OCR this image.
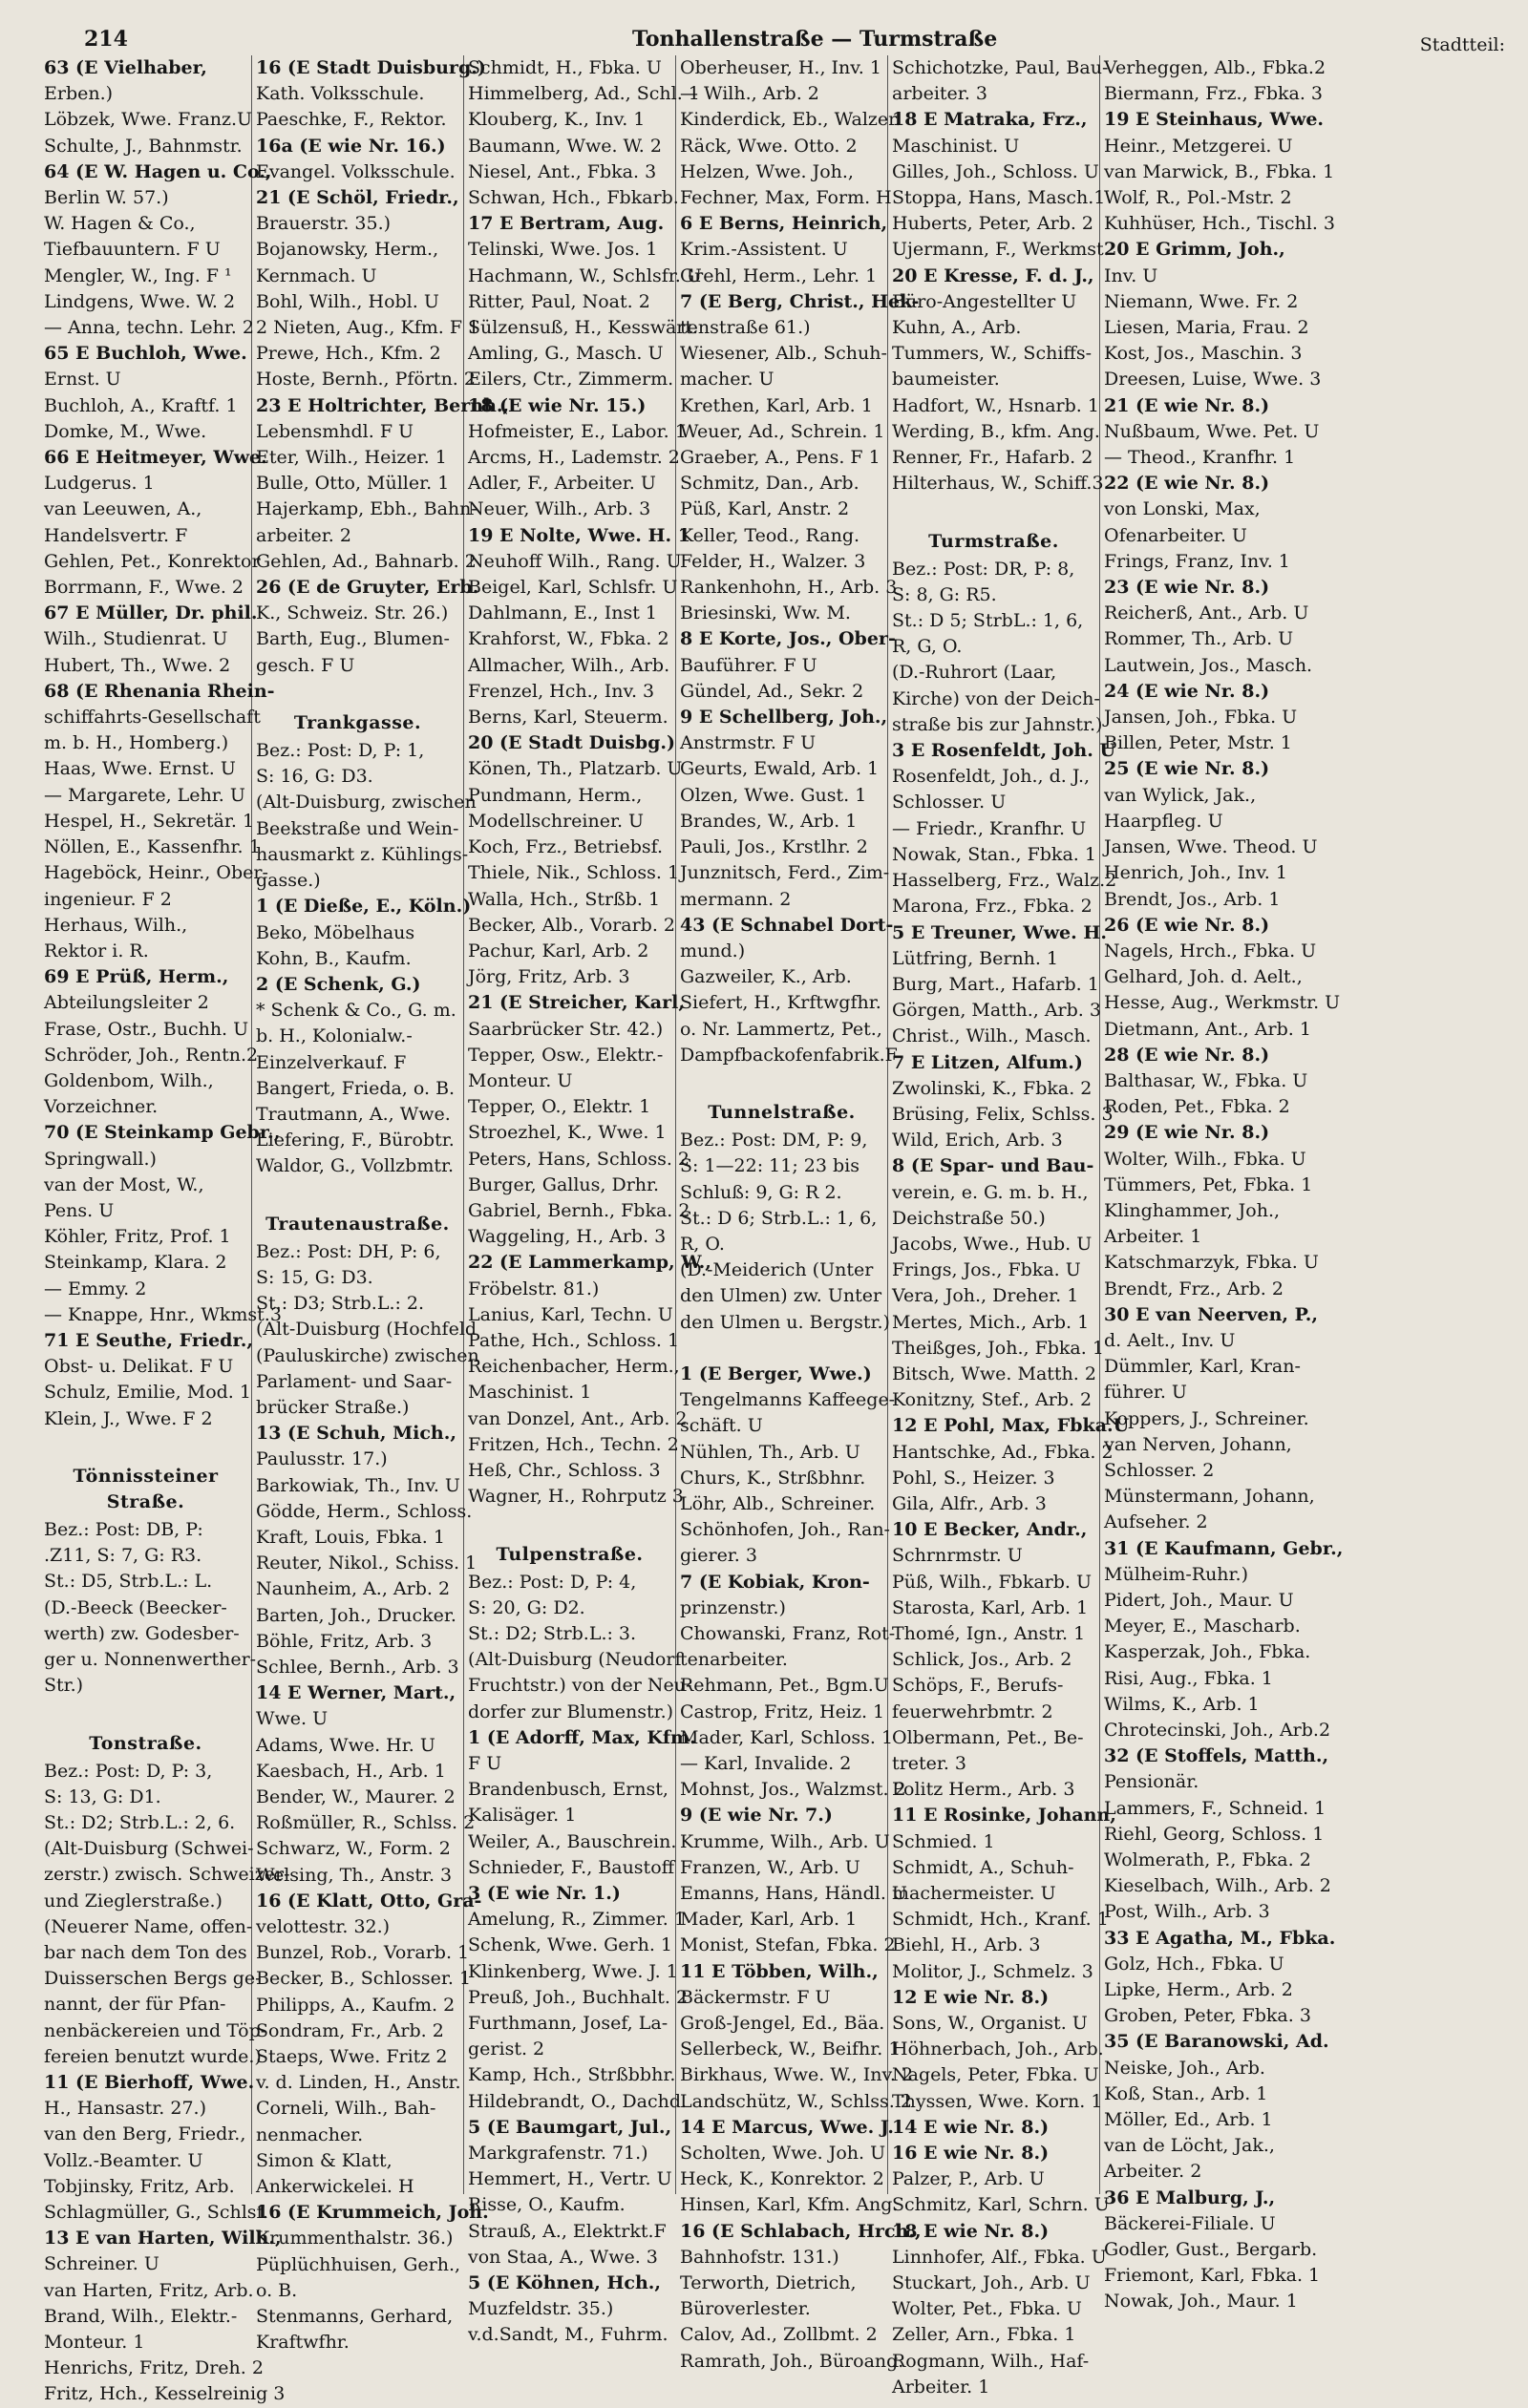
214	Tonhallenstraße — Turmstraße	Stadtteil:

63 (E Vielhaber,

Erben.)

Löbzek, Wwe. Franz.U

Schulte, J., Bahnmstr.

64 (E W. Hagen u. Co.,

Berlin W. 57.)

W. Hagen & Co.,

Tiefbauuntern. F U

Mengler, W., Ing. F ¹

Lindgens, Wwe. W. 2

— Anna, techn. Lehr. 2

65 E Buchloh, Wwe.

Ernst. U

Buchloh, A., Kraftf. 1

Domke, M., Wwe.

66 E Heitmeyer, Wwe.

Ludgerus. 1

van Leeuwen, A.,

Handelsvertr. F

Gehlen, Pet., Konrektor

Borrmann, F., Wwe. 2

67 E Müller, Dr. phil.

Wilh., Studienrat. U

Hubert, Th., Wwe. 2

68 (E Rhenania Rhein-

schiffahrts-Gesellschaft

m. b. H., Homberg.)

Haas, Wwe. Ernst. U

— Margarete, Lehr. U

Hespel, H., Sekretär. 1

Nöllen, E., Kassenfhr. 1

Hageböck, Heinr., Ober-

ingenieur. F 2

Herhaus, Wilh.,

Rektor i. R.

69 E Prüß, Herm.,

Abteilungsleiter 2

Frase, Ostr., Buchh. U

Schröder, Joh., Rentn.2

Goldenbom, Wilh.,

Vorzeichner.

70 (E Steinkamp Gebr.,

Springwall.)

van der Most, W.,

Pens. U

Köhler, Fritz, Prof. 1

Steinkamp, Klara. 2

— Emmy. 2

— Knappe, Hnr., Wkmst.3

71 E Seuthe, Friedr.,

Obst- u. Delikat. F U

Schulz, Emilie, Mod. 1

Klein, J., Wwe. F 2

Tönnissteiner Straße.

Bez.: Post: DB, P:

.Z11, S: 7, G: R3.

St.: D5, Strb.L.: L.

(D.-Beeck (Beecker-

werth) zw. Godesber-

ger u. Nonnenwerther-

Str.)

Tonstraße.

Bez.: Post: D, P: 3,

S: 13, G: D1.

St.: D2; Strb.L.: 2, 6.

(Alt-Duisburg (Schwei-

zerstr.) zwisch. Schweizer-

und Zieglerstraße.)

(Neuerer Name, offen-

bar nach dem Ton des

Duisserschen Bergs ge-

nannt, der für Pfan-

nenbäckereien und Töp-

fereien benutzt wurde.)

11 (E Bierhoff, Wwe.

H., Hansastr. 27.)

van den Berg, Friedr.,

Vollz.-Beamter. U

Tobjinsky, Fritz, Arb.

Schlagmüller, G., Schlsf.

13 E van Harten, Wilh.,

Schreiner. U

van Harten, Fritz, Arb.

Brand, Wilh., Elektr.-

Monteur. 1

Henrichs, Fritz, Dreh. 2

Fritz, Hch., Kesselreinig 3

16 (E Stadt Duisburg.)

Kath. Volksschule.

Paeschke, F., Rektor.

16a (E wie Nr. 16.)

Evangel. Volksschule.

21 (E Schöl, Friedr.,

Brauerstr. 35.)

Bojanowsky, Herm.,

Kernmach. U

Bohl, Wilh., Hobl. U

2 Nieten, Aug., Kfm. F 1

Prewe, Hch., Kfm. 2

Hoste, Bernh., Pförtn. 2

23 E Holtrichter, Bernh.,

Lebensmhdl. F U

Eter, Wilh., Heizer. 1

Bulle, Otto, Müller. 1

Hajerkamp, Ebh., Bahn-

arbeiter. 2

Gehlen, Ad., Bahnarb. 2

26 (E de Gruyter, Erb.

K., Schweiz. Str. 26.)

Barth, Eug., Blumen-

gesch. F U

Trankgasse.

Bez.: Post: D, P: 1,

S: 16, G: D3.

(Alt-Duisburg, zwischen

Beekstraße und Wein-

hausmarkt z. Kühlings-

gasse.)

1 (E Dieße, E., Köln.)

Beko, Möbelhaus

Kohn, B., Kaufm.

2 (E Schenk, G.)

* Schenk & Co., G. m.

b. H., Kolonialw.-

Einzelverkauf. F

Bangert, Frieda, o. B.

Trautmann, A., Wwe.

Liefering, F., Bürobtr.

Waldor, G., Vollzbmtr.

Trautenaustraße.

Bez.: Post: DH, P: 6,

S: 15, G: D3.

St.: D3; Strb.L.: 2.

(Alt-Duisburg (Hochfeld

(Pauluskirche) zwischen

Parlament- und Saar-

brücker Straße.)

13 (E Schuh, Mich.,

Paulusstr. 17.)

Barkowiak, Th., Inv. U

Gödde, Herm., Schloss.

Kraft, Louis, Fbka. 1

Reuter, Nikol., Schiss. 1

Naunheim, A., Arb. 2

Barten, Joh., Drucker.

Böhle, Fritz, Arb. 3

Schlee, Bernh., Arb. 3

14 E Werner, Mart.,

Wwe. U

Adams, Wwe. Hr. U

Kaesbach, H., Arb. 1

Bender, W., Maurer. 2

Roßmüller, R., Schlss. 2

Schwarz, W., Form. 2

Welsing, Th., Anstr. 3

16 (E Klatt, Otto, Gra-

velottestr. 32.)

Bunzel, Rob., Vorarb. 1

Becker, B., Schlosser. 1

Philipps, A., Kaufm. 2

Sondram, Fr., Arb. 2

Staeps, Wwe. Fritz 2

v. d. Linden, H., Anstr.

Corneli, Wilh., Bah-

nenmacher.

Simon & Klatt,

Ankerwickelei. H

16 (E Krummeich, Joh.

Krummenthalstr. 36.)

Püplüchhuisen, Gerh.,

o. B.

Stenmanns, Gerhard,

Kraftwfhr.

Schmidt, H., Fbka. U

Himmelberg, Ad., Schl. 1

Klouberg, K., Inv. 1

Baumann, Wwe. W. 2

Niesel, Ant., Fbka. 3

Schwan, Hch., Fbkarb.

17 E Bertram, Aug.

Telinski, Wwe. Jos. 1

Hachmann, W., Schlsfr. U

Ritter, Paul, Noat. 2

Sülzensuß, H., Kesswärt.

Amling, G., Masch. U

Eilers, Ctr., Zimmerm.

18 (E wie Nr. 15.)

Hofmeister, E., Labor. 1

Arcms, H., Lademstr. 2

Adler, F., Arbeiter. U

Neuer, Wilh., Arb. 3

19 E Nolte, Wwe. H. 1

Neuhoff Wilh., Rang. U

Beigel, Karl, Schlsfr. U

Dahlmann, E., Inst 1

Krahforst, W., Fbka. 2

Allmacher, Wilh., Arb.

Frenzel, Hch., Inv. 3

Berns, Karl, Steuerm.

20 (E Stadt Duisbg.)

Könen, Th., Platzarb. U

Pundmann, Herm.,

Modellschreiner. U

Koch, Frz., Betriebsf.

Thiele, Nik., Schloss. 1

Walla, Hch., Strßb. 1

Becker, Alb., Vorarb. 2

Pachur, Karl, Arb. 2

Jörg, Fritz, Arb. 3

21 (E Streicher, Karl,

Saarbrücker Str. 42.)

Tepper, Osw., Elektr.-

Monteur. U

Tepper, O., Elektr. 1

Stroezhel, K., Wwe. 1

Peters, Hans, Schloss. 2

Burger, Gallus, Drhr.

Gabriel, Bernh., Fbka. 2

Waggeling, H., Arb. 3

22 (E Lammerkamp, W.,

Fröbelstr. 81.)

Lanius, Karl, Techn. U

Pathe, Hch., Schloss. 1

Reichenbacher, Herm.,

Maschinist. 1

van Donzel, Ant., Arb. 2

Fritzen, Hch., Techn. 2

Heß, Chr., Schloss. 3

Wagner, H., Rohrputz 3

Tulpenstraße.

Bez.: Post: D, P: 4,

S: 20, G: D2.

St.: D2; Strb.L.: 3.

(Alt-Duisburg (Neudorf

Fruchtstr.) von der Neu-

dorfer zur Blumenstr.)

1 (E Adorff, Max, Kfm.

F U

Brandenbusch, Ernst,

Kalisäger. 1

Weiler, A., Bauschrein.

Schnieder, F., Baustoff

3 (E wie Nr. 1.)

Amelung, R., Zimmer. 1

Schenk, Wwe. Gerh. 1

Klinkenberg, Wwe. J. 1

Preuß, Joh., Buchhalt. 2

Furthmann, Josef, La-

gerist. 2

Kamp, Hch., Strßbbhr.

Hildebrandt, O., Dachd.

5 (E Baumgart, Jul.,

Markgrafenstr. 71.)

Hemmert, H., Vertr. U

Risse, O., Kaufm.

Strauß, A., Elektrkt.F

von Staa, A., Wwe. 3

5 (E Köhnen, Hch.,

Muzfeldstr. 35.)

v.d.Sandt, M., Fuhrm.

Oberheuser, H., Inv. 1

— Wilh., Arb. 2

Kinderdick, Eb., Walzer.

Räck, Wwe. Otto. 2

Helzen, Wwe. Joh.,

Fechner, Max, Form. H

6 E Berns, Heinrich,

Krim.-Assistent. U

Grehl, Herm., Lehr. 1

7 (E Berg, Christ., Hek-

tenstraße 61.)

Wiesener, Alb., Schuh-

macher. U

Krethen, Karl, Arb. 1

Weuer, Ad., Schrein. 1

Graeber, A., Pens. F 1

Schmitz, Dan., Arb.

Püß, Karl, Anstr. 2

Keller, Teod., Rang.

Felder, H., Walzer. 3

Rankenhohn, H., Arb. 3

Briesinski, Ww. M.

8 E Korte, Jos., Ober-

Bauführer. F U

Gündel, Ad., Sekr. 2

9 E Schellberg, Joh.,

Anstrmstr. F U

Geurts, Ewald, Arb. 1

Olzen, Wwe. Gust. 1

Brandes, W., Arb. 1

Pauli, Jos., Krstlhr. 2

Junznitsch, Ferd., Zim-

mermann. 2

43 (E Schnabel Dort-

mund.)

Gazweiler, K., Arb.

Siefert, H., Krftwgfhr.

o. Nr. Lammertz, Pet.,

Dampfbackofenfabrik.F

Tunnelstraße.

Bez.: Post: DM, P: 9,

S: 1—22: 11; 23 bis

Schluß: 9, G: R 2.

St.: D 6; Strb.L.: 1, 6,

R, O.

(D.-Meiderich (Unter

den Ulmen) zw. Unter

den Ulmen u. Bergstr.)

1 (E Berger, Wwe.)

Tengelmanns Kaffeege-

schäft. U

Nühlen, Th., Arb. U

Churs, K., Strßbhnr.

Löhr, Alb., Schreiner.

Schönhofen, Joh., Ran-

gierer. 3

7 (E Kobiak, Kron-

prinzenstr.)

Chowanski, Franz, Rot-

tenarbeiter.

Rehmann, Pet., Bgm.U

Castrop, Fritz, Heiz. 1

Mader, Karl, Schloss. 1

— Karl, Invalide. 2

Mohnst, Jos., Walzmst. 2

9 (E wie Nr. 7.)

Krumme, Wilh., Arb. U

Franzen, W., Arb. U

Emanns, Hans, Händl. U

Mader, Karl, Arb. 1

Monist, Stefan, Fbka. 2

11 E Többen, Wilh.,

Bäckermstr. F U

Groß-Jengel, Ed., Bäa.

Sellerbeck, W., Beifhr. 1

Birkhaus, Wwe. W., Inv. 2

Landschütz, W., Schlss. 2

14 E Marcus, Wwe. J.

Scholten, Wwe. Joh. U

Heck, K., Konrektor. 2

Hinsen, Karl, Kfm. Ang.

16 (E Schlabach, Hrch.,

Bahnhofstr. 131.)

Terworth, Dietrich,

Büroverlester.

Calov, Ad., Zollbmt. 2

Ramrath, Joh., Büroang.

Schichotzke, Paul, Bau-

arbeiter. 3

18 E Matraka, Frz.,

Maschinist. U

Gilles, Joh., Schloss. U

Stoppa, Hans, Masch.1

Huberts, Peter, Arb. 2

Ujermann, F., Werkmst.

20 E Kresse, F. d. J.,

Büro-Angestellter U

Kuhn, A., Arb.

Tummers, W., Schiffs-

baumeister.

Hadfort, W., Hsnarb. 1

Werding, B., kfm. Ang.

Renner, Fr., Hafarb. 2

Hilterhaus, W., Schiff.3

Turmstraße.

Bez.: Post: DR, P: 8,

S: 8, G: R5.

St.: D 5; StrbL.: 1, 6,

R, G, O.

(D.-Ruhrort (Laar,

Kirche) von der Deich-

straße bis zur Jahnstr.)

3 E Rosenfeldt, Joh. U

Rosenfeldt, Joh., d. J.,

Schlosser. U

— Friedr., Kranfhr. U

Nowak, Stan., Fbka. 1

Hasselberg, Frz., Walz.2

Marona, Frz., Fbka. 2

5 E Treuner, Wwe. H.

Lütfring, Bernh. 1

Burg, Mart., Hafarb. 1

Görgen, Matth., Arb. 3

Christ., Wilh., Masch.

7 E Litzen, Alfum.)

Zwolinski, K., Fbka. 2

Brüsing, Felix, Schlss. 3

Wild, Erich, Arb. 3

8 (E Spar- und Bau-

verein, e. G. m. b. H.,

Deichstraße 50.)

Jacobs, Wwe., Hub. U

Frings, Jos., Fbka. U

Vera, Joh., Dreher. 1

Mertes, Mich., Arb. 1

Theißges, Joh., Fbka. 1

Bitsch, Wwe. Matth. 2

Konitzny, Stef., Arb. 2

12 E Pohl, Max, Fbka.U

Hantschke, Ad., Fbka. 2

Pohl, S., Heizer. 3

Gila, Alfr., Arb. 3

10 E Becker, Andr.,

Schrnrmstr. U

Püß, Wilh., Fbkarb. U

Starosta, Karl, Arb. 1

Thomé, Ign., Anstr. 1

Schlick, Jos., Arb. 2

Schöps, F., Berufs-

feuerwehrbmtr. 2

Olbermann, Pet., Be-

treter. 3

Politz Herm., Arb. 3

11 E Rosinke, Johann,

Schmied. 1

Schmidt, A., Schuh-

machermeister. U

Schmidt, Hch., Kranf. 1

Biehl, H., Arb. 3

Molitor, J., Schmelz. 3

12 E wie Nr. 8.)

Sons, W., Organist. U

Höhnerbach, Joh., Arb.

Nagels, Peter, Fbka. U

Thyssen, Wwe. Korn. 1

14 E wie Nr. 8.)

16 E wie Nr. 8.)

Palzer, P., Arb. U

Schmitz, Karl, Schrn. U

18 E wie Nr. 8.)

Linnhofer, Alf., Fbka. U

Stuckart, Joh., Arb. U

Wolter, Pet., Fbka. U

Zeller, Arn., Fbka. 1

Rogmann, Wilh., Haf-

Arbeiter. 1

Verheggen, Alb., Fbka.2

Biermann, Frz., Fbka. 3

19 E Steinhaus, Wwe.

Heinr., Metzgerei. U

van Marwick, B., Fbka. 1

Wolf, R., Pol.-Mstr. 2

Kuhhüser, Hch., Tischl. 3

20 E Grimm, Joh.,

Inv. U

Niemann, Wwe. Fr. 2

Liesen, Maria, Frau. 2

Kost, Jos., Maschin. 3

Dreesen, Luise, Wwe. 3

21 (E wie Nr. 8.)

Nußbaum, Wwe. Pet. U

— Theod., Kranfhr. 1

22 (E wie Nr. 8.)

von Lonski, Max,

Ofenarbeiter. U

Frings, Franz, Inv. 1

23 (E wie Nr. 8.)

Reicherß, Ant., Arb. U

Rommer, Th., Arb. U

Lautwein, Jos., Masch.

24 (E wie Nr. 8.)

Jansen, Joh., Fbka. U

Billen, Peter, Mstr. 1

25 (E wie Nr. 8.)

van Wylick, Jak.,

Haarpfleg. U

Jansen, Wwe. Theod. U

Henrich, Joh., Inv. 1

Brendt, Jos., Arb. 1

26 (E wie Nr. 8.)

Nagels, Hrch., Fbka. U

Gelhard, Joh. d. Aelt.,

Hesse, Aug., Werkmstr. U

Dietmann, Ant., Arb. 1

28 (E wie Nr. 8.)

Balthasar, W., Fbka. U

Roden, Pet., Fbka. 2

29 (E wie Nr. 8.)

Wolter, Wilh., Fbka. U

Tümmers, Pet, Fbka. 1

Klinghammer, Joh.,

Arbeiter. 1

Katschmarzyk, Fbka. U

Brendt, Frz., Arb. 2

30 E van Neerven, P.,

d. Aelt., Inv. U

Dümmler, Karl, Kran-

führer. U

Koppers, J., Schreiner.

van Nerven, Johann,

Schlosser. 2

Münstermann, Johann,

Aufseher. 2

31 (E Kaufmann, Gebr.,

Mülheim-Ruhr.)

Pidert, Joh., Maur. U

Meyer, E., Mascharb.

Kasperzak, Joh., Fbka.

Risi, Aug., Fbka. 1

Wilms, K., Arb. 1

Chrotecinski, Joh., Arb.2

32 (E Stoffels, Matth.,

Pensionär.

Lammers, F., Schneid. 1

Riehl, Georg, Schloss. 1

Wolmerath, P., Fbka. 2

Kieselbach, Wilh., Arb. 2

Post, Wilh., Arb. 3

33 E Agatha, M., Fbka.

Golz, Hch., Fbka. U

Lipke, Herm., Arb. 2

Groben, Peter, Fbka. 3

35 (E Baranowski, Ad.

Neiske, Joh., Arb.

Koß, Stan., Arb. 1

Möller, Ed., Arb. 1

van de Löcht, Jak.,

Arbeiter. 2

36 E Malburg, J.,

Bäckerei-Filiale. U

Godler, Gust., Bergarb.

Friemont, Karl, Fbka. 1

Nowak, Joh., Maur. 1
